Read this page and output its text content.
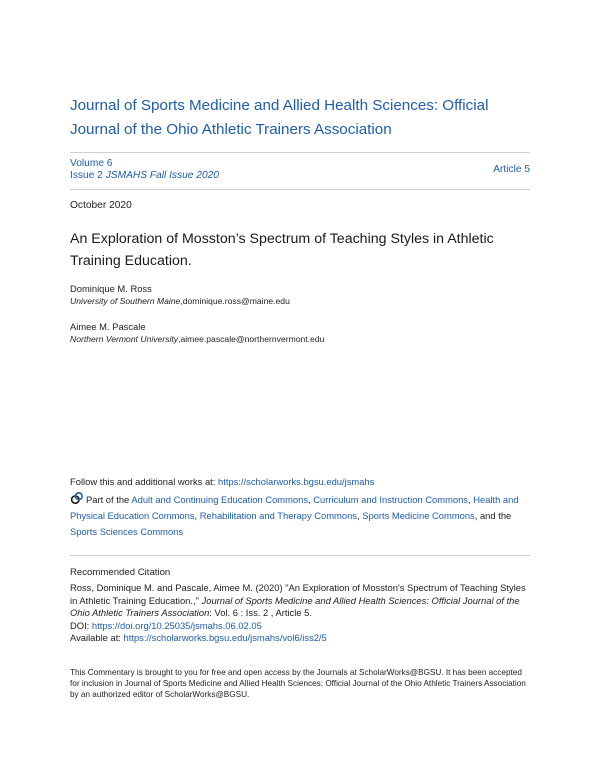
Journal of Sports Medicine and Allied Health Sciences: Official Journal of the Ohio Athletic Trainers Association
Volume 6
Issue 2 JSMAHS Fall Issue 2020
Article 5
October 2020
An Exploration of Mosston’s Spectrum of Teaching Styles in Athletic Training Education.
Dominique M. Ross
University of Southern Maine,dominique.ross@maine.edu
Aimee M. Pascale
Northern Vermont University,aimee.pascale@northernvermont.edu
Follow this and additional works at: https://scholarworks.bgsu.edu/jsmahs
Part of the Adult and Continuing Education Commons, Curriculum and Instruction Commons, Health and Physical Education Commons, Rehabilitation and Therapy Commons, Sports Medicine Commons, and the Sports Sciences Commons
Recommended Citation
Ross, Dominique M. and Pascale, Aimee M. (2020) "An Exploration of Mosston's Spectrum of Teaching Styles in Athletic Training Education.," Journal of Sports Medicine and Allied Health Sciences: Official Journal of the Ohio Athletic Trainers Association: Vol. 6 : Iss. 2 , Article 5.
DOI: https://doi.org/10.25035/jsmahs.06.02.05
Available at: https://scholarworks.bgsu.edu/jsmahs/vol6/iss2/5
This Commentary is brought to you for free and open access by the Journals at ScholarWorks@BGSU. It has been accepted for inclusion in Journal of Sports Medicine and Allied Health Sciences: Official Journal of the Ohio Athletic Trainers Association by an authorized editor of ScholarWorks@BGSU.
